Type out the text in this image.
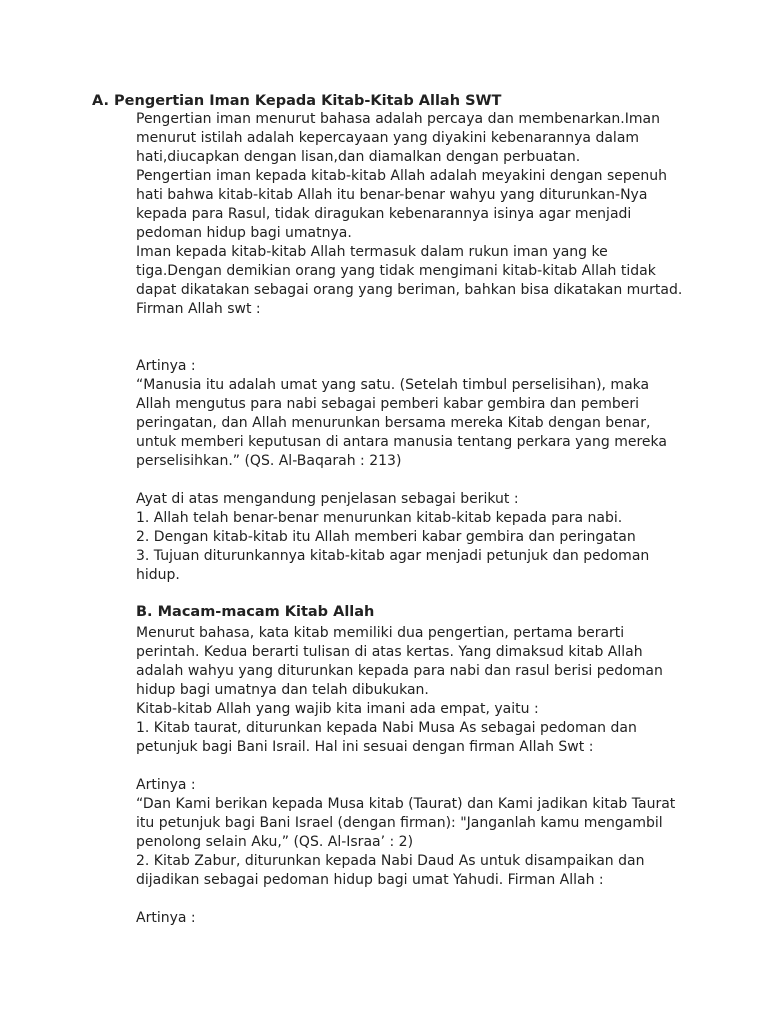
A. Pengertian Iman Kepada Kitab-Kitab Allah SWT
Pengertian iman menurut bahasa adalah percaya dan membenarkan.Iman
menurut istilah adalah kepercayaan yang diyakini kebenarannya dalam
hati,diucapkan dengan lisan,dan diamalkan dengan perbuatan.
Pengertian iman kepada kitab-kitab Allah adalah meyakini dengan sepenuh
hati bahwa kitab-kitab Allah itu benar-benar wahyu yang diturunkan-Nya
kepada para Rasul, tidak diragukan kebenarannya isinya agar menjadi
pedoman hidup bagi umatnya.
Iman kepada kitab-kitab Allah termasuk dalam rukun iman yang ke
tiga.Dengan demikian orang yang tidak mengimani kitab-kitab Allah tidak
dapat dikatakan sebagai orang yang beriman, bahkan bisa dikatakan murtad.
Firman Allah swt :
Artinya :
“Manusia itu adalah umat yang satu. (Setelah timbul perselisihan), maka
Allah mengutus para nabi sebagai pemberi kabar gembira dan pemberi
peringatan, dan Allah menurunkan bersama mereka Kitab dengan benar,
untuk memberi keputusan di antara manusia tentang perkara yang mereka
perselisihkan.” (QS. Al-Baqarah : 213)
Ayat di atas mengandung penjelasan sebagai berikut :
1. Allah telah benar-benar menurunkan kitab-kitab kepada para nabi.
2. Dengan kitab-kitab itu Allah memberi kabar gembira dan peringatan
3. Tujuan diturunkannya kitab-kitab agar menjadi petunjuk dan pedoman
hidup.
B. Macam-macam Kitab Allah
Menurut bahasa, kata kitab memiliki dua pengertian, pertama berarti
perintah. Kedua berarti tulisan di atas kertas. Yang dimaksud kitab Allah
adalah wahyu yang diturunkan kepada para nabi dan rasul berisi pedoman
hidup bagi umatnya dan telah dibukukan.
Kitab-kitab Allah yang wajib kita imani ada empat, yaitu :
1. Kitab taurat, diturunkan kepada Nabi Musa As sebagai pedoman dan
petunjuk bagi Bani Israil. Hal ini sesuai dengan firman Allah Swt :
Artinya :
“Dan Kami berikan kepada Musa kitab (Taurat) dan Kami jadikan kitab Taurat
itu petunjuk bagi Bani Israel (dengan firman): "Janganlah kamu mengambil
penolong selain Aku,” (QS. Al-Israa’ : 2)
2. Kitab Zabur, diturunkan kepada Nabi Daud As untuk disampaikan dan
dijadikan sebagai pedoman hidup bagi umat Yahudi. Firman Allah :
Artinya :
